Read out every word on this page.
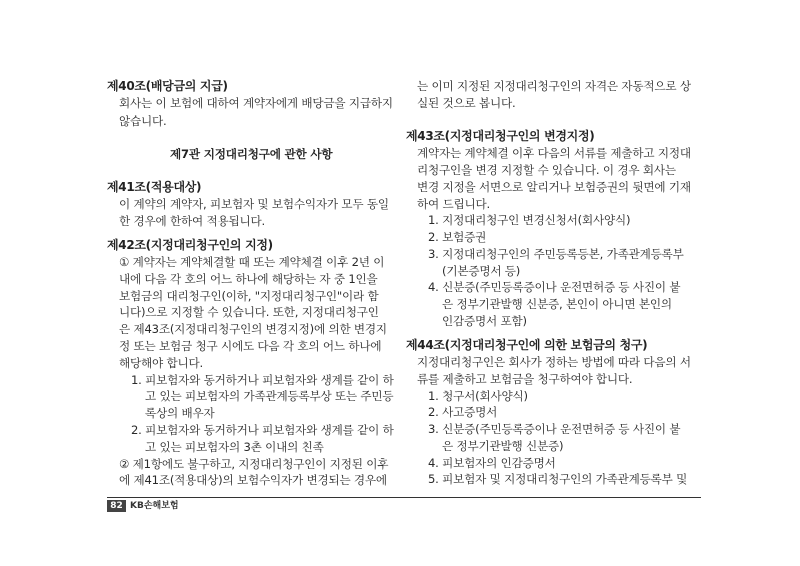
제40조(배당금의 지급)
회사는 이 보험에 대하여 계약자에게 배당금을 지급하지
않습니다.
제7관 지정대리청구에 관한 사항
제41조(적용대상)
이 계약의 계약자, 피보험자 및 보험수익자가 모두 동일
한 경우에 한하여 적용됩니다.
제42조(지정대리청구인의 지정)
① 계약자는 계약체결할 때 또는 계약체결 이후 2년 이
내에 다음 각 호의 어느 하나에 해당하는 자 중 1인을
보험금의 대리청구인(이하, "지정대리청구인"이라 함
니다)으로 지정할 수 있습니다. 또한, 지정대리청구인
은 제43조(지정대리청구인의 변경지정)에 의한 변경지
정 또는 보험금 청구 시에도 다음 각 호의 어느 하나에
해당해야 합니다.
1. 피보험자와 동거하거나 피보험자와 생계를 같이 하
고 있는 피보험자의 가족관계등록부상 또는 주민등
록상의 배우자
2. 피보험자와 동거하거나 피보험자와 생계를 같이 하
고 있는 피보험자의 3촌 이내의 친족
② 제1항에도 불구하고, 지정대리청구인이 지정된 이후
에 제41조(적용대상)의 보험수익자가 변경되는 경우에
는 이미 지정된 지정대리청구인의 자격은 자동적으로 상
실된 것으로 봅니다.
제43조(지정대리청구인의 변경지정)
계약자는 계약체결 이후 다음의 서류를 제출하고 지정대
리청구인을 변경 지정할 수 있습니다. 이 경우 회사는
변경 지정을 서면으로 알리거나 보험증권의 뒷면에 기재
하여 드립니다.
1. 지정대리청구인 변경신청서(회사양식)
2. 보험증권
3. 지정대리청구인의 주민등록등본, 가족관계등록부
(기본증명서 등)
4. 신분증(주민등록증이나 운전면허증 등 사진이 붙
은 정부기관발행 신분증, 본인이 아니면 본인의
인감증명서 포함)
제44조(지정대리청구인에 의한 보험금의 청구)
지정대리청구인은 회사가 정하는 방법에 따라 다음의 서
류를 제출하고 보험금을 청구하여야 합니다.
1. 청구서(회사양식)
2. 사고증명서
3. 신분증(주민등록증이나 운전면허증 등 사진이 붙
은 정부기관발행 신분증)
4. 피보험자의 인감증명서
5. 피보험자 및 지정대리청구인의 가족관계등록부 및
82 KB손해보험
